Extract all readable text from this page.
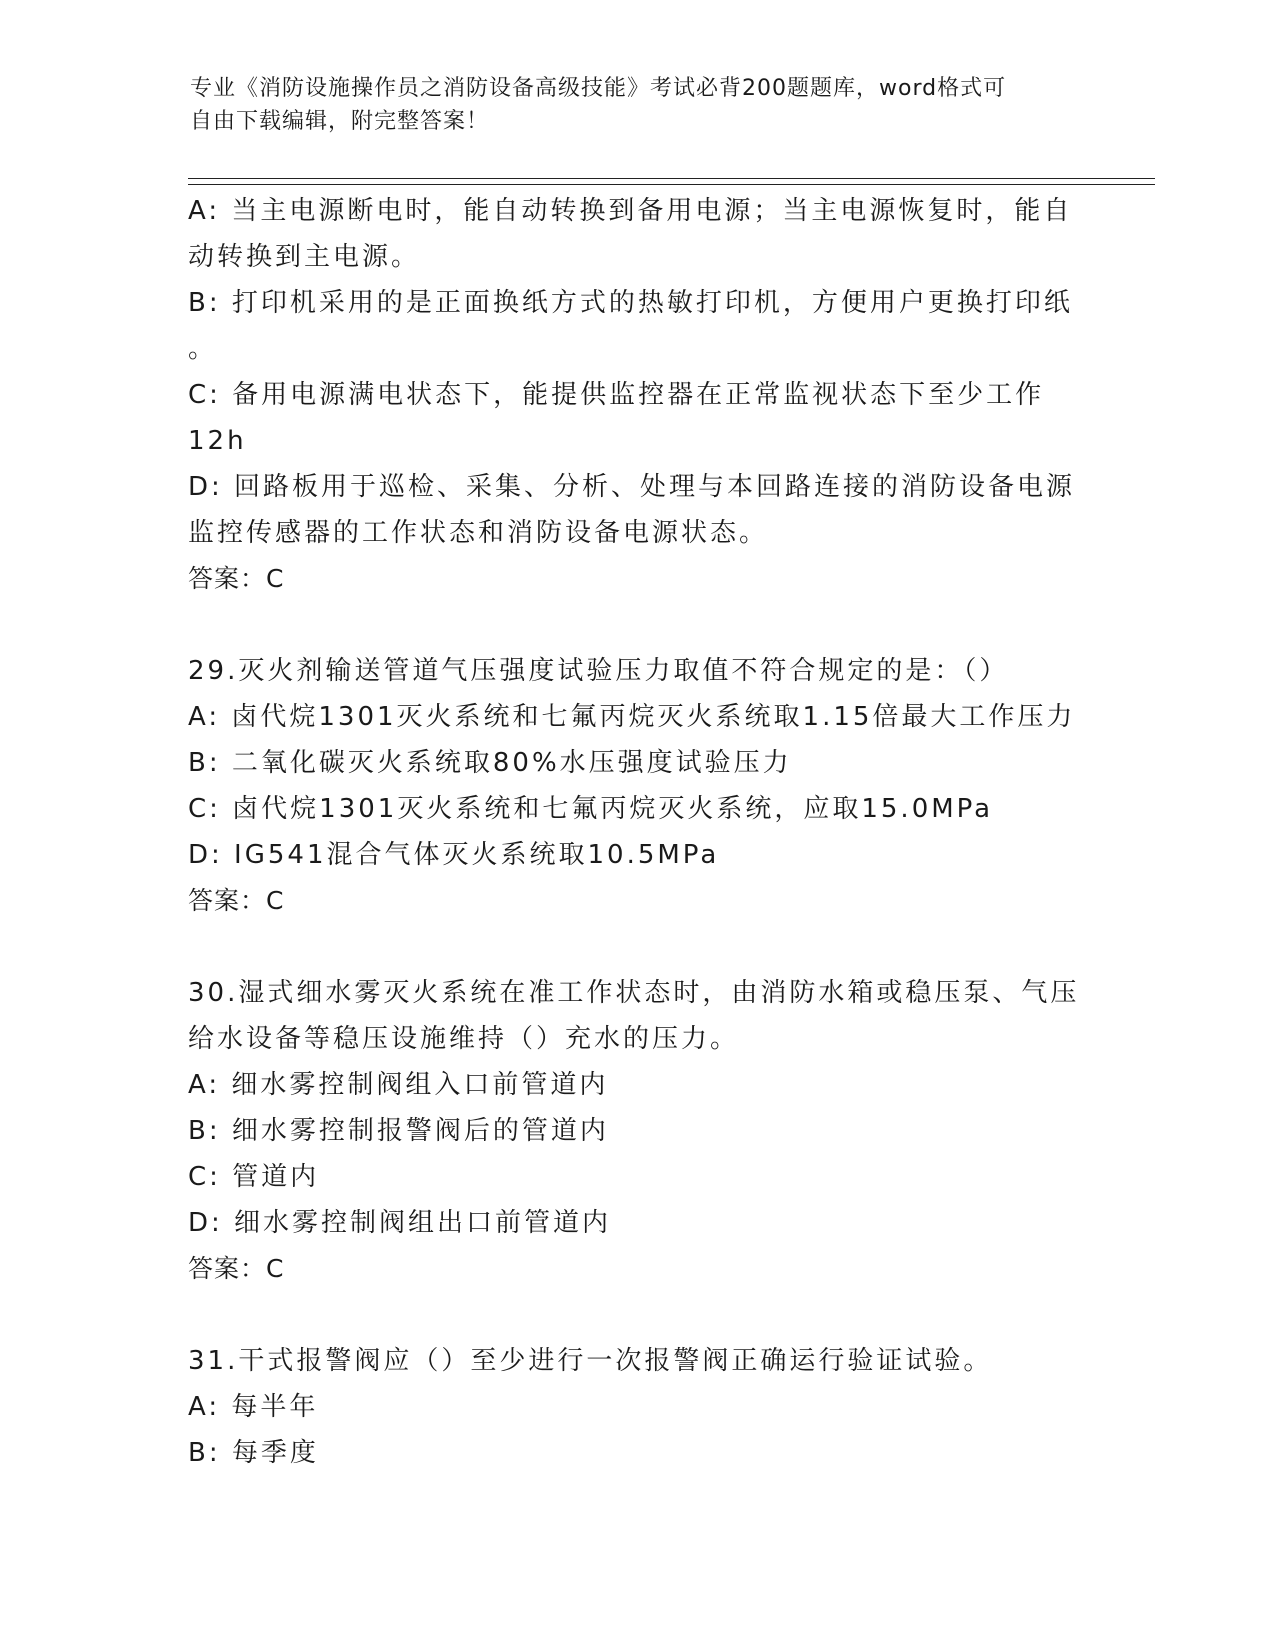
专业《消防设施操作员之消防设备高级技能》考试必背200题题库，word格式可
自由下载编辑，附完整答案！
A: 当主电源断电时，能自动转换到备用电源；当主电源恢复时，能自
动转换到主电源。
B: 打印机采用的是正面换纸方式的热敏打印机，方便用户更换打印纸
。
C: 备用电源满电状态下，能提供监控器在正常监视状态下至少工作
12h
D: 回路板用于巡检、采集、分析、处理与本回路连接的消防设备电源
监控传感器的工作状态和消防设备电源状态。
答案：C
29.灭火剂输送管道气压强度试验压力取值不符合规定的是：（）
A: 卤代烷1301灭火系统和七氟丙烷灭火系统取1.15倍最大工作压力
B: 二氧化碳灭火系统取80%水压强度试验压力
C: 卤代烷1301灭火系统和七氟丙烷灭火系统，应取15.0MPa
D: IG541混合气体灭火系统取10.5MPa
答案：C
30.湿式细水雾灭火系统在准工作状态时，由消防水箱或稳压泵、气压
给水设备等稳压设施维持（）充水的压力。
A: 细水雾控制阀组入口前管道内
B: 细水雾控制报警阀后的管道内
C: 管道内
D: 细水雾控制阀组出口前管道内
答案：C
31.干式报警阀应（）至少进行一次报警阀正确运行验证试验。
A: 每半年
B: 每季度
